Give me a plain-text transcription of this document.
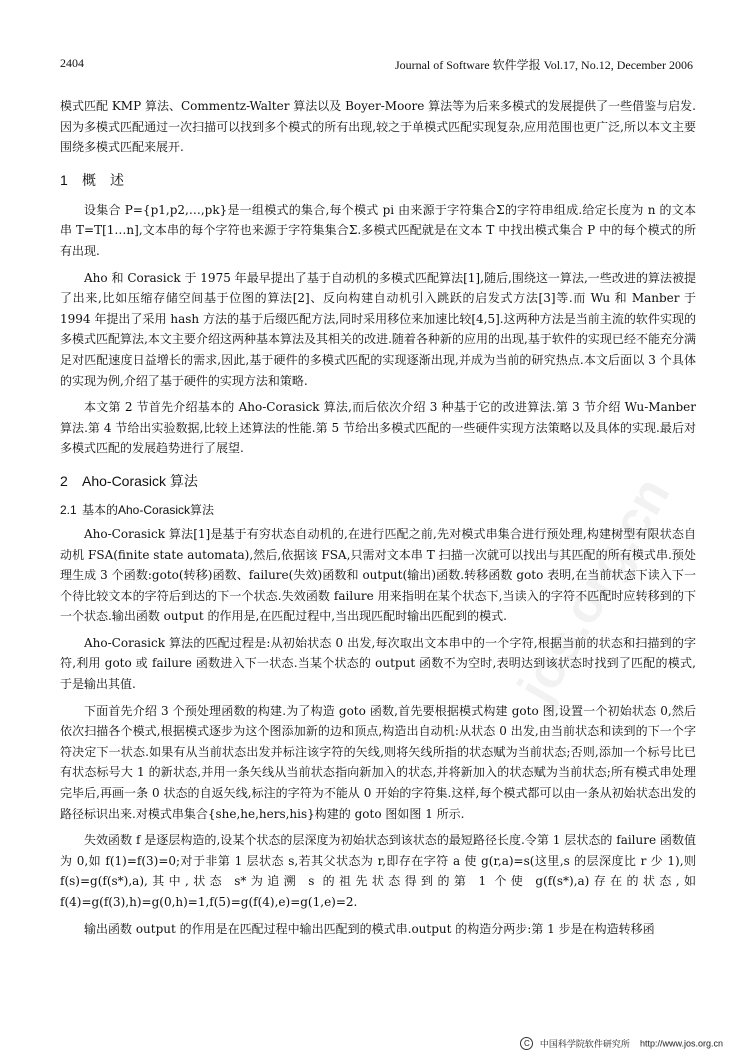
2404	Journal of Software 软件学报 Vol.17, No.12, December 2006
jos.org.cn

模式匹配 KMP 算法、Commentz-Walter 算法以及 Boyer-Moore 算法等为后来多模式的发展提供了一些借鉴与启发.因为多模式匹配通过一次扫描可以找到多个模式的所有出现,较之于单模式匹配实现复杂,应用范围也更广泛,所以本文主要围绕多模式匹配来展开.

1 概　述

设集合 P={p1,p2,…,pk}是一组模式的集合,每个模式 pi 由来源于字符集合Σ的字符串组成.给定长度为 n 的文本串 T=T[1…n],文本串的每个字符也来源于字符集集合Σ.多模式匹配就是在文本 T 中找出模式集合 P 中的每个模式的所有出现.

Aho 和 Corasick 于 1975 年最早提出了基于自动机的多模式匹配算法[1],随后,围绕这一算法,一些改进的算法被提了出来,比如压缩存储空间基于位图的算法[2]、反向构建自动机引入跳跃的启发式方法[3]等.而 Wu 和 Manber 于 1994 年提出了采用 hash 方法的基于后缀匹配方法,同时采用移位来加速比较[4,5].这两种方法是当前主流的软件实现的多模式匹配算法,本文主要介绍这两种基本算法及其相关的改进.随着各种新的应用的出现,基于软件的实现已经不能充分满足对匹配速度日益增长的需求,因此,基于硬件的多模式匹配的实现逐渐出现,并成为当前的研究热点.本文后面以 3 个具体的实现为例,介绍了基于硬件的实现方法和策略.

本文第 2 节首先介绍基本的 Aho-Corasick 算法,而后依次介绍 3 种基于它的改进算法.第 3 节介绍 Wu-Manber 算法.第 4 节给出实验数据,比较上述算法的性能.第 5 节给出多模式匹配的一些硬件实现方法策略以及具体的实现.最后对多模式匹配的发展趋势进行了展望.

2 Aho-Corasick 算法
2.1 基本的Aho-Corasick算法

Aho-Corasick 算法[1]是基于有穷状态自动机的,在进行匹配之前,先对模式串集合进行预处理,构建树型有限状态自动机 FSA(finite state automata),然后,依据该 FSA,只需对文本串 T 扫描一次就可以找出与其匹配的所有模式串.预处理生成 3 个函数:goto(转移)函数、failure(失效)函数和 output(输出)函数.转移函数 goto 表明,在当前状态下读入下一个待比较文本的字符后到达的下一个状态.失效函数 failure 用来指明在某个状态下,当读入的字符不匹配时应转移到的下一个状态.输出函数 output 的作用是,在匹配过程中,当出现匹配时输出匹配到的模式.

Aho-Corasick 算法的匹配过程是:从初始状态 0 出发,每次取出文本串中的一个字符,根据当前的状态和扫描到的字符,利用 goto 或 failure 函数进入下一状态.当某个状态的 output 函数不为空时,表明达到该状态时找到了匹配的模式,于是输出其值.

下面首先介绍 3 个预处理函数的构建.为了构造 goto 函数,首先要根据模式构建 goto 图,设置一个初始状态 0,然后依次扫描各个模式,根据模式逐步为这个图添加新的边和顶点,构造出自动机:从状态 0 出发,由当前状态和读到的下一个字符决定下一状态.如果有从当前状态出发并标注该字符的矢线,则将矢线所指的状态赋为当前状态;否则,添加一个标号比已有状态标号大 1 的新状态,并用一条矢线从当前状态指向新加入的状态,并将新加入的状态赋为当前状态;所有模式串处理完毕后,再画一条 0 状态的自返矢线,标注的字符为不能从 0 开始的字符集.这样,每个模式都可以由一条从初始状态出发的路径标识出来.对模式串集合{she,he,hers,his}构建的 goto 图如图 1 所示.

失效函数 f 是逐层构造的,设某个状态的层深度为初始状态到该状态的最短路径长度.令第 1 层状态的 failure 函数值为 0,如 f(1)=f(3)=0;对于非第 1 层状态 s,若其父状态为 r,即存在字符 a 使 g(r,a)=s(这里,s 的层深度比 r 少 1),则 f(s)=g(f(s*),a),其中,状态 s*为追溯 s 的祖先状态得到的第 1 个使 g(f(s*),a)存在的状态,如 f(4)=g(f(3),h)=g(0,h)=1,f(5)=g(f(4),e)=g(1,e)=2.

输出函数 output 的作用是在匹配过程中输出匹配到的模式串.output 的构造分两步:第 1 步是在构造转移函

C 中国科学院软件研究所 http://www.jos.org.cn
